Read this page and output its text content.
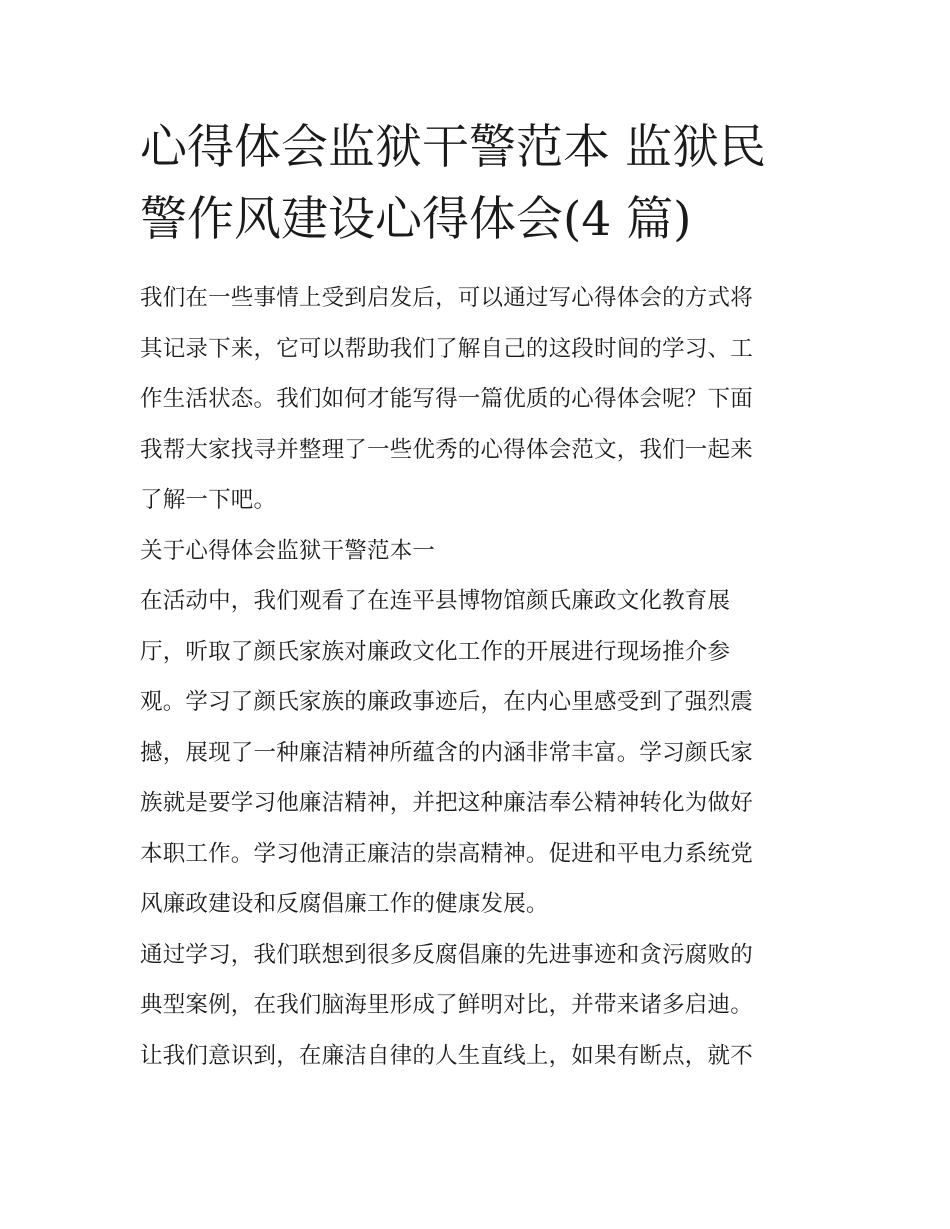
心得体会监狱干警范本 监狱民
警作风建设心得体会(4 篇)
我们在一些事情上受到启发后，可以通过写心得体会的方式将
其记录下来，它可以帮助我们了解自己的这段时间的学习、工
作生活状态。我们如何才能写得一篇优质的心得体会呢？下面
我帮大家找寻并整理了一些优秀的心得体会范文，我们一起来
了解一下吧。
关于心得体会监狱干警范本一
在活动中，我们观看了在连平县博物馆颜氏廉政文化教育展
厅，听取了颜氏家族对廉政文化工作的开展进行现场推介参
观。学习了颜氏家族的廉政事迹后，在内心里感受到了强烈震
撼，展现了一种廉洁精神所蕴含的内涵非常丰富。学习颜氏家
族就是要学习他廉洁精神，并把这种廉洁奉公精神转化为做好
本职工作。学习他清正廉洁的崇高精神。促进和平电力系统党
风廉政建设和反腐倡廉工作的健康发展。
通过学习，我们联想到很多反腐倡廉的先进事迹和贪污腐败的
典型案例，在我们脑海里形成了鲜明对比，并带来诸多启迪。
让我们意识到，在廉洁自律的人生直线上，如果有断点，就不
